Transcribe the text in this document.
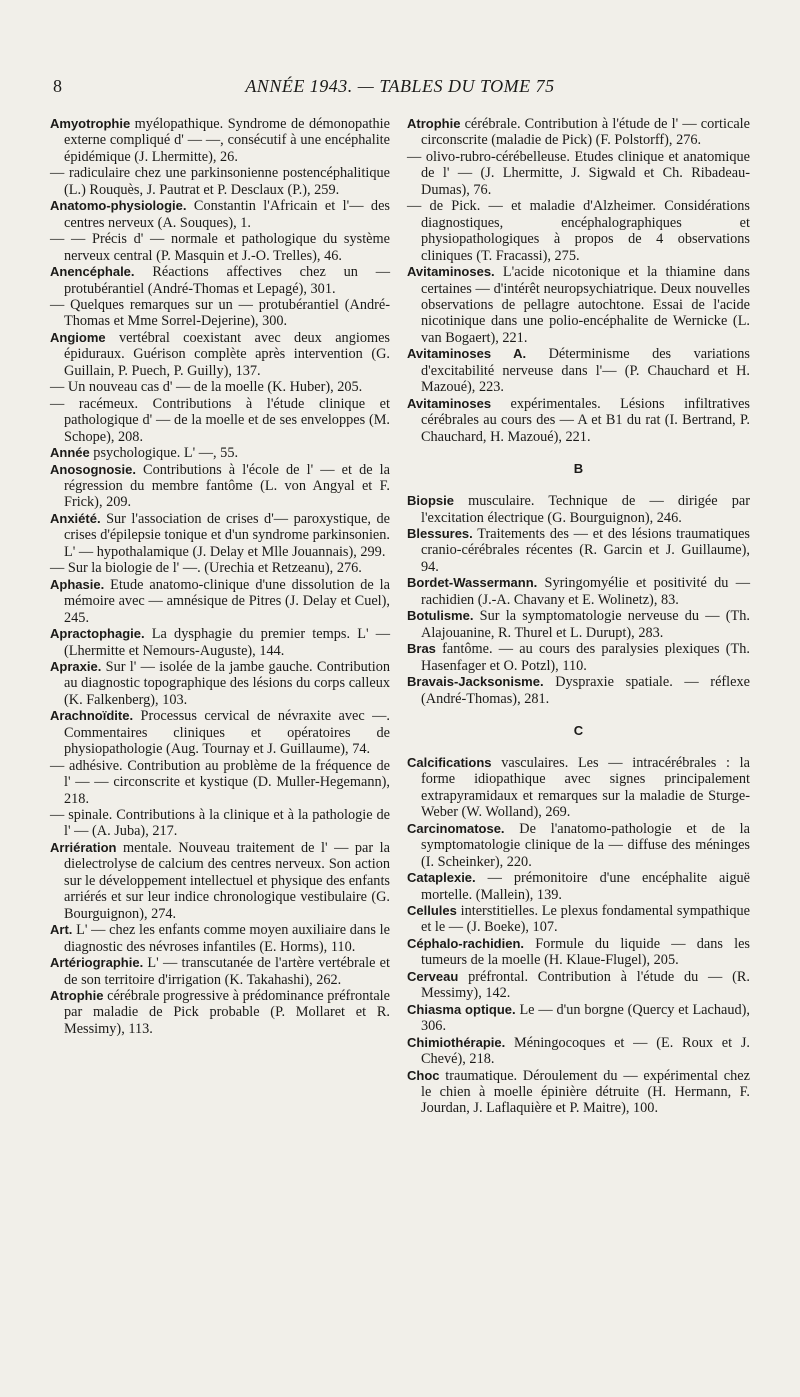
8	ANNÉE 1943. — TABLES DU TOME 75

Amyotrophie myélopathique. Syndrome de démonopathie externe compliqué d' — —, consécutif à une encéphalite épidémique (J. Lhermitte), 26.

— radiculaire chez une parkinsonienne postencéphalitique (L.) Rouquès, J. Pautrat et P. Desclaux (P.), 259.

Anatomo-physiologie. Constantin l'Africain et l'— des centres nerveux (A. Souques), 1.

— — Précis d' — normale et pathologique du système nerveux central (P. Masquin et J.-O. Trelles), 46.

Anencéphale. Réactions affectives chez un — protubérantiel (André-Thomas et Lepagé), 301.

— Quelques remarques sur un — protubérantiel (André-Thomas et Mme Sorrel-Dejerine), 300.

Angiome vertébral coexistant avec deux angiomes épiduraux. Guérison complète après intervention (G. Guillain, P. Puech, P. Guilly), 137.

— Un nouveau cas d' — de la moelle (K. Huber), 205.

— racémeux. Contributions à l'étude clinique et pathologique d' — de la moelle et de ses enveloppes (M. Schope), 208.

Année psychologique. L' —, 55.

Anosognosie. Contributions à l'école de l' — et de la régression du membre fantôme (L. von Angyal et F. Frick), 209.

Anxiété. Sur l'association de crises d'— paroxystique, de crises d'épilepsie tonique et d'un syndrome parkinsonien. L' — hypothalamique (J. Delay et Mlle Jouannais), 299.

— Sur la biologie de l' —. (Urechia et Retzeanu), 276.

Aphasie. Etude anatomo-clinique d'une dissolution de la mémoire avec — amnésique de Pitres (J. Delay et Cuel), 245.

Apractophagie. La dysphagie du premier temps. L' — (Lhermitte et Nemours-Auguste), 144.

Apraxie. Sur l' — isolée de la jambe gauche. Contribution au diagnostic topographique des lésions du corps calleux (K. Falkenberg), 103.

Arachnoïdite. Processus cervical de névraxite avec —. Commentaires cliniques et opératoires de physiopathologie (Aug. Tournay et J. Guillaume), 74.

— adhésive. Contribution au problème de la fréquence de l' — — circonscrite et kystique (D. Muller-Hegemann), 218.

— spinale. Contributions à la clinique et à la pathologie de l' — (A. Juba), 217.

Arriération mentale. Nouveau traitement de l' — par la dielectrolyse de calcium des centres nerveux. Son action sur le développement intellectuel et physique des enfants arriérés et sur leur indice chronologique vestibulaire (G. Bourguignon), 274.

Art. L' — chez les enfants comme moyen auxiliaire dans le diagnostic des névroses infantiles (E. Horms), 110.

Artériographie. L' — transcutanée de l'artère vertébrale et de son territoire d'irrigation (K. Takahashi), 262.

Atrophie cérébrale progressive à prédominance préfrontale par maladie de Pick probable (P. Mollaret et R. Messimy), 113.

Atrophie cérébrale. Contribution à l'étude de l' — corticale circonscrite (maladie de Pick) (F. Polstorff), 276.

— olivo-rubro-cérébelleuse. Etudes clinique et anatomique de l' — (J. Lhermitte, J. Sigwald et Ch. Ribadeau-Dumas), 76.

— de Pick. — et maladie d'Alzheimer. Considérations diagnostiques, encéphalographiques et physiopathologiques à propos de 4 observations cliniques (T. Fracassi), 275.

Avitaminoses. L'acide nicotonique et la thiamine dans certaines — d'intérêt neuropsychiatrique. Deux nouvelles observations de pellagre autochtone. Essai de l'acide nicotinique dans une polio-encéphalite de Wernicke (L. van Bogaert), 221.

Avitaminoses A. Déterminisme des variations d'excitabilité nerveuse dans l'— (P. Chauchard et H. Mazoué), 223.

Avitaminoses expérimentales. Lésions infiltratives cérébrales au cours des — A et B1 du rat (I. Bertrand, P. Chauchard, H. Mazoué), 221.

B

Biopsie musculaire. Technique de — dirigée par l'excitation électrique (G. Bourguignon), 246.

Blessures. Traitements des — et des lésions traumatiques cranio-cérébrales récentes (R. Garcin et J. Guillaume), 94.

Bordet-Wassermann. Syringomyélie et positivité du — rachidien (J.-A. Chavany et E. Wolinetz), 83.

Botulisme. Sur la symptomatologie nerveuse du — (Th. Alajouanine, R. Thurel et L. Durupt), 283.

Bras fantôme. — au cours des paralysies plexiques (Th. Hasenfager et O. Potzl), 110.

Bravais-Jacksonisme. Dyspraxie spatiale. — réflexe (André-Thomas), 281.

C

Calcifications vasculaires. Les — intracérébrales : la forme idiopathique avec signes principalement extrapyramidaux et remarques sur la maladie de Sturge-Weber (W. Wolland), 269.

Carcinomatose. De l'anatomo-pathologie et de la symptomatologie clinique de la — diffuse des méninges (I. Scheinker), 220.

Cataplexie. — prémonitoire d'une encéphalite aiguë mortelle. (Mallein), 139.

Cellules interstitielles. Le plexus fondamental sympathique et le — (J. Boeke), 107.

Céphalo-rachidien. Formule du liquide — dans les tumeurs de la moelle (H. Klaue-Flugel), 205.

Cerveau préfrontal. Contribution à l'étude du — (R. Messimy), 142.

Chiasma optique. Le — d'un borgne (Quercy et Lachaud), 306.

Chimiothérapie. Méningocoques et — (E. Roux et J. Chevé), 218.

Choc traumatique. Déroulement du — expérimental chez le chien à moelle épinière détruite (H. Hermann, F. Jourdan, J. Laflaquière et P. Maitre), 100.
